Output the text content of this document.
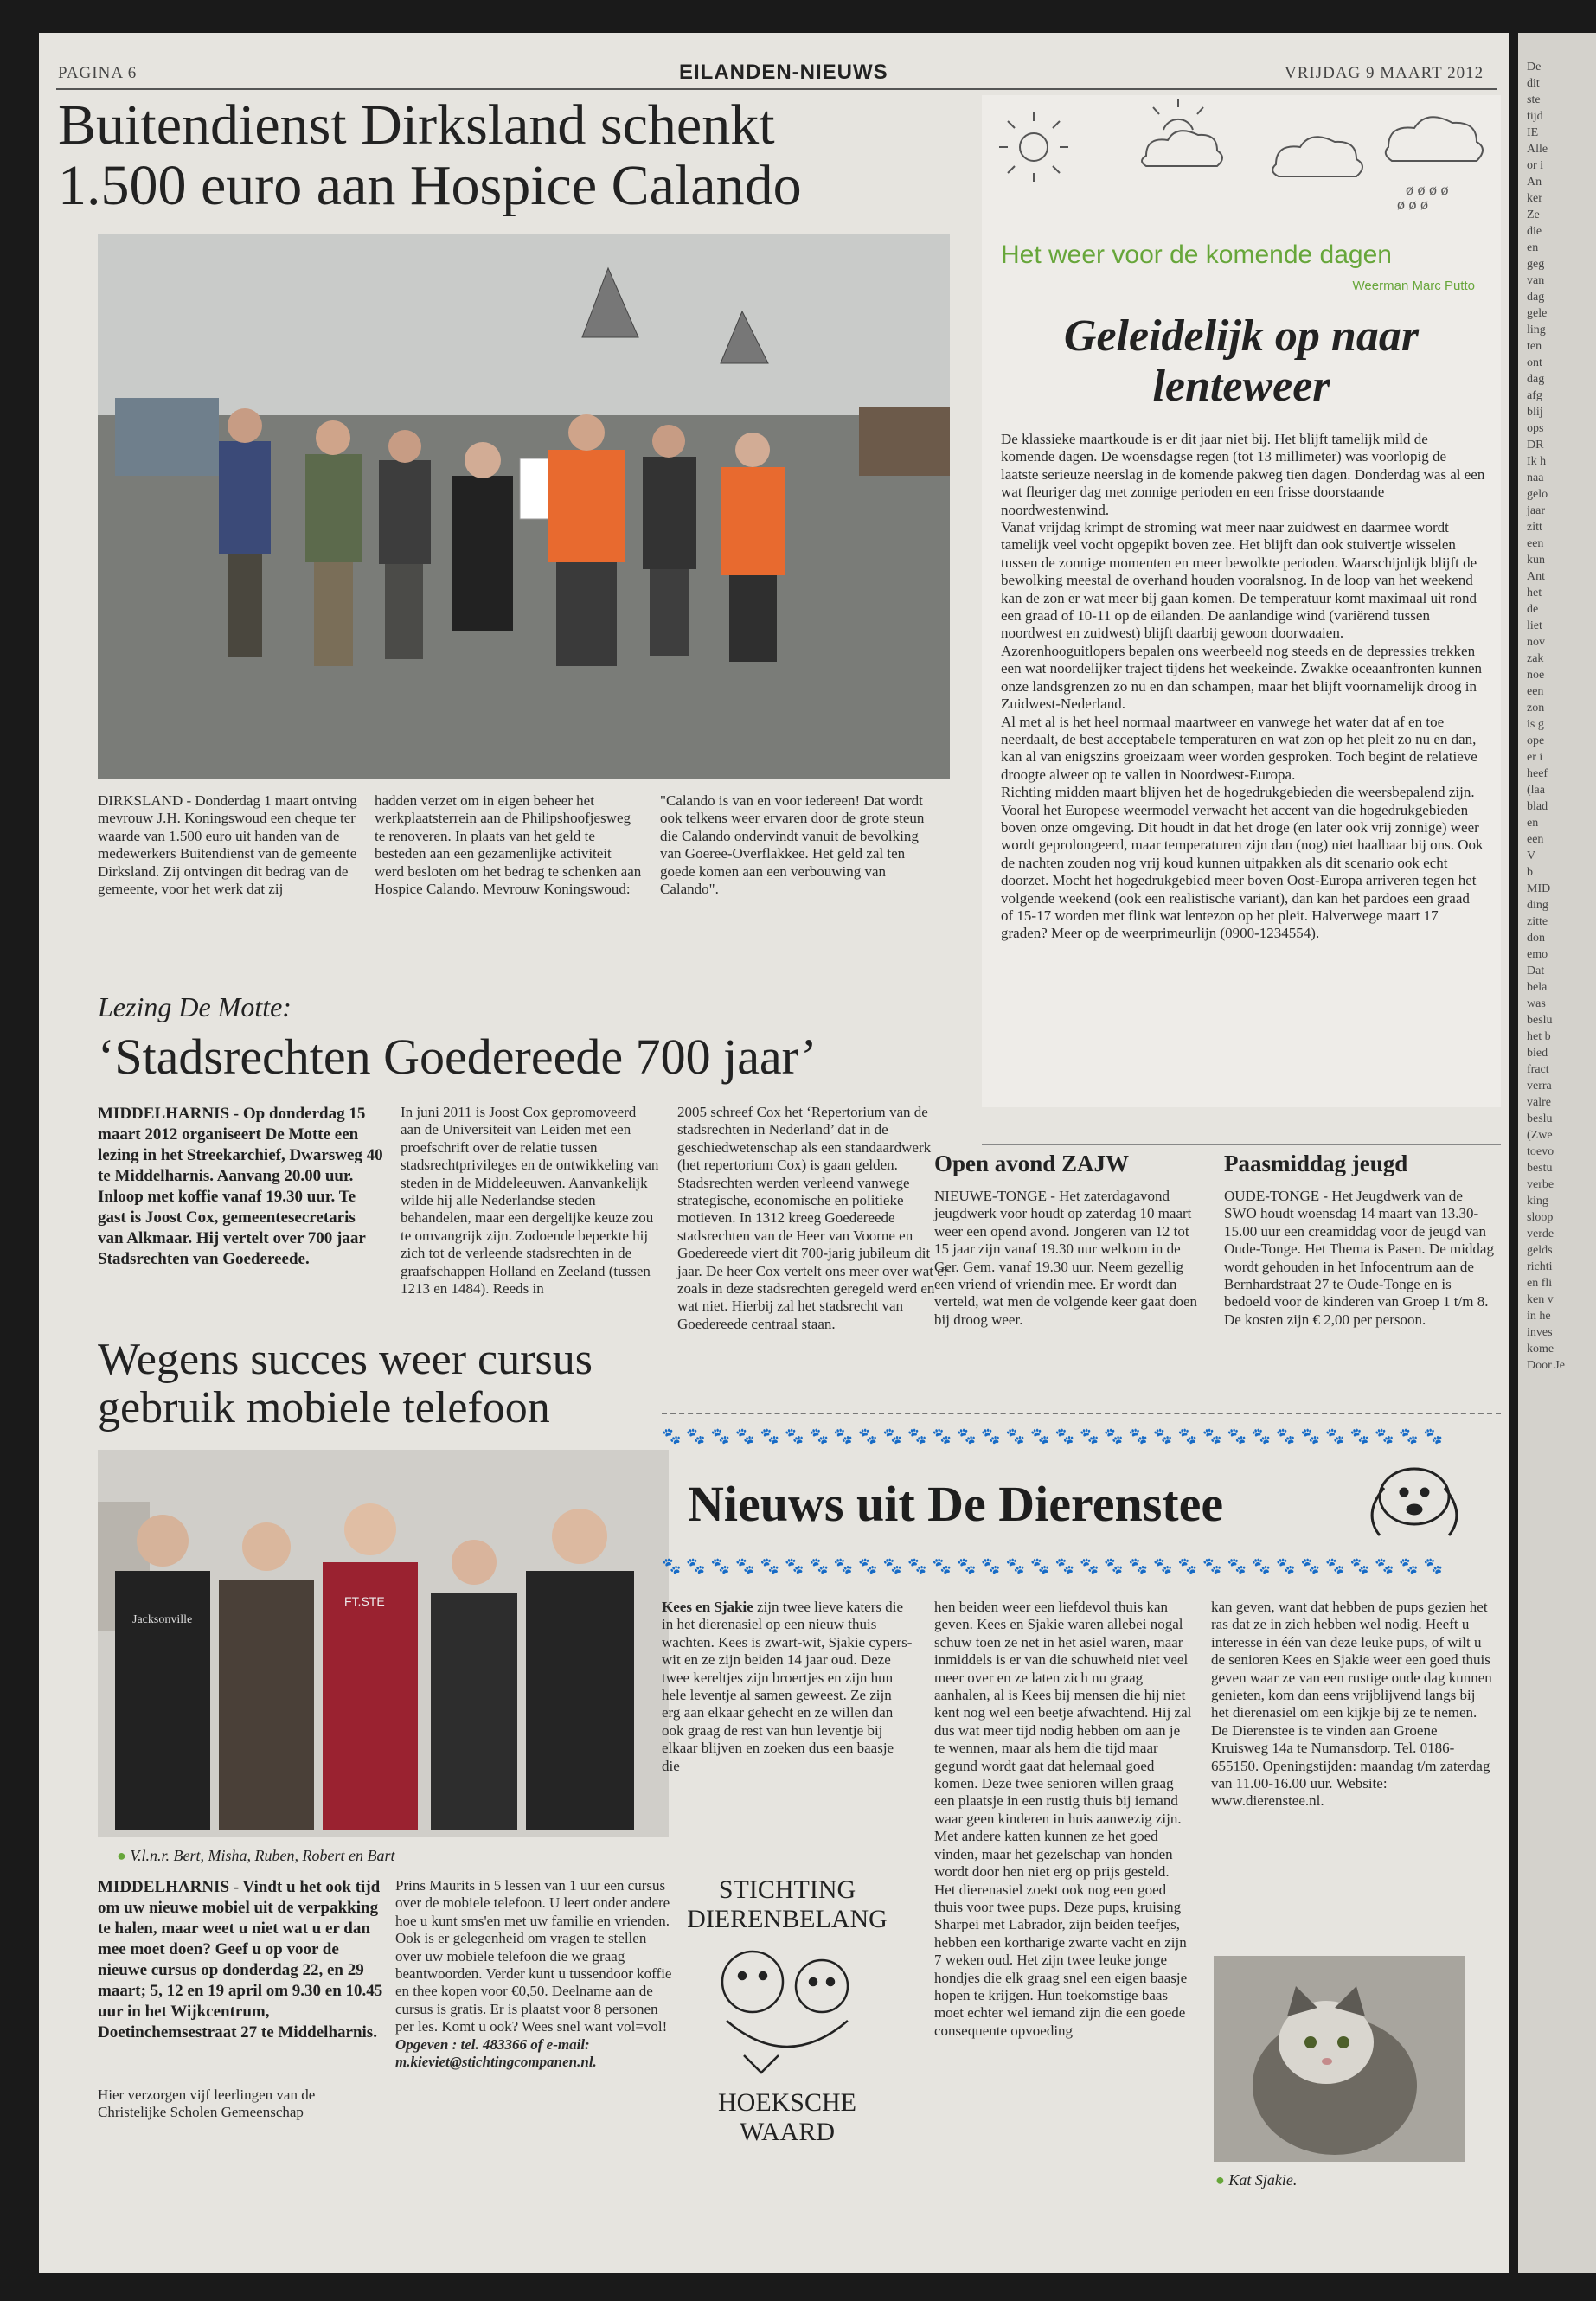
De
dit
ste
tijd
IE
Alle
or i
An
ker
Ze
die
en
geg
van
dag
gele
ling
ten
ont
dag
afg
blij
ops
DR
Ik h
naa
gelo
jaar
zitt
een
kun
Ant
het
de
liet
nov
zak
noe
een
zon
is g
ope
er i
heef
(laa
blad
en
een
V
b
MID
ding
zitte
don
emo
Dat
bela
was
beslu
het b
bied
fract
verra
valre
beslu
(Zwe
toevo
bestu
verbe
king
sloop
verde
gelds
richti
en fli
ken v
in he
inves
kome
Door Je
PAGINA 6	EILANDEN-NIEUWS	VRIJDAG 9 MAART 2012
Buitendienst Dirksland schenkt
1.500 euro aan Hospice Calando
DIRKSLAND - Donderdag 1 maart ontving mevrouw J.H. Koningswoud een cheque ter waarde van 1.500 euro uit handen van de medewerkers Buitendienst van de gemeente Dirksland. Zij ontvingen dit bedrag van de gemeente, voor het werk dat zij
hadden verzet om in eigen beheer het werkplaatsterrein aan de Philipshoofjesweg te renoveren. In plaats van het geld te besteden aan een gezamenlijke activiteit werd besloten om het bedrag te schenken aan Hospice Calando. Mevrouw Koningswoud:
"Calando is van en voor iedereen! Dat wordt ook telkens weer ervaren door de grote steun die Calando ondervindt vanuit de bevolking van Goeree-Overflakkee. Het geld zal ten goede komen aan een verbouwing van Calando".
ø ø ø ø
ø ø ø
Het weer voor de komende dagen
Weerman Marc Putto
Geleidelijk op naar
lenteweer

De klassieke maartkoude is er dit jaar niet bij. Het blijft tamelijk mild de komende dagen. De woensdagse regen (tot 13 millimeter) was voorlopig de laatste serieuze neerslag in de komende pakweg tien dagen. Donderdag was al een wat fleuriger dag met zonnige perioden en een frisse doorstaande noordwestenwind.

Vanaf vrijdag krimpt de stroming wat meer naar zuidwest en daarmee wordt tamelijk veel vocht opgepikt boven zee. Het blijft dan ook stuivertje wisselen tussen de zonnige momenten en meer bewolkte perioden. Waarschijnlijk blijft de bewolking meestal de overhand houden vooralsnog. In de loop van het weekend kan de zon er wat meer bij gaan komen. De temperatuur komt maximaal uit rond een graad of 10-11 op de eilanden. De aanlandige wind (variërend tussen noordwest en zuidwest) blijft daarbij gewoon doorwaaien.

Azorenhooguitlopers bepalen ons weerbeeld nog steeds en de depressies trekken een wat noordelijker traject tijdens het weekeinde. Zwakke oceaanfronten kunnen onze landsgrenzen zo nu en dan schampen, maar het blijft voornamelijk droog in Zuidwest-Nederland.

Al met al is het heel normaal maartweer en vanwege het water dat af en toe neerdaalt, de best acceptabele temperaturen en wat zon op het pleit zo nu en dan, kan al van enigszins groeizaam weer worden gesproken. Toch begint de relatieve droogte alweer op te vallen in Noordwest-Europa.

Richting midden maart blijven het de hogedrukgebieden die weersbepalend zijn. Vooral het Europese weermodel verwacht het accent van die hogedrukgebieden boven onze omgeving. Dit houdt in dat het droge (en later ook vrij zonnige) weer wordt geprolongeerd, maar temperaturen zijn dan (nog) niet haalbaar bij ons. Ook de nachten zouden nog vrij koud kunnen uitpakken als dit scenario ook echt doorzet. Mocht het hogedrukgebied meer boven Oost-Europa arriveren tegen het volgende weekend (ook een realistische variant), dan kan het pardoes een graad of 15-17 worden met flink wat lentezon op het pleit. Halverwege maart 17 graden? Meer op de weerprimeurlijn (0900-1234554).

Lezing De Motte:
‘Stadsrechten Goedereede 700 jaar’
MIDDELHARNIS - Op donderdag 15 maart 2012 organiseert De Motte een lezing in het Streekarchief, Dwarsweg 40 te Middelharnis. Aanvang 20.00 uur. Inloop met koffie vanaf 19.30 uur. Te gast is Joost Cox, gemeentesecretaris van Alkmaar. Hij vertelt over 700 jaar Stadsrechten van Goedereede.
In juni 2011 is Joost Cox gepromoveerd aan de Universiteit van Leiden met een proefschrift over de relatie tussen stadsrechtprivileges en de ontwikkeling van steden in de Middeleeuwen. Aanvankelijk wilde hij alle Nederlandse steden behandelen, maar een dergelijke keuze zou te omvangrijk zijn. Zodoende beperkte hij zich tot de verleende stadsrechten in de graafschappen Holland en Zeeland (tussen 1213 en 1484). Reeds in
2005 schreef Cox het ‘Repertorium van de stadsrechten in Nederland’ dat in de geschiedwetenschap als een standaardwerk (het repertorium Cox) is gaan gelden. Stadsrechten werden verleend vanwege strategische, economische en politieke motieven. In 1312 kreeg Goedereede stadsrechten van de Heer van Voorne en Goedereede viert dit 700-jarig jubileum dit jaar. De heer Cox vertelt ons meer over wat er zoals in deze stadsrechten geregeld werd en wat niet. Hierbij zal het stadsrecht van Goedereede centraal staan.
Open avond ZAJW
NIEUWE-TONGE - Het zaterdagavond jeugdwerk voor houdt op zaterdag 10 maart weer een opend avond. Jongeren van 12 tot 15 jaar zijn vanaf 19.30 uur welkom in de Ger. Gem. vanaf 19.30 uur. Neem gezellig een vriend of vriendin mee. Er wordt dan verteld, wat men de volgende keer gaat doen bij droog weer.
Paasmiddag jeugd
OUDE-TONGE - Het Jeugdwerk van de SWO houdt woensdag 14 maart van 13.30-15.00 uur een creamiddag voor de jeugd van Oude-Tonge. Het Thema is Pasen. De middag wordt gehouden in het Infocentrum aan de Bernhardstraat 27 te Oude-Tonge en is bedoeld voor de kinderen van Groep 1 t/m 8. De kosten zijn € 2,00 per persoon.
Wegens succes weer cursus
gebruik mobiele telefoon
Jacksonville
FT.STE
● V.l.n.r. Bert, Misha, Ruben, Robert en Bart
MIDDELHARNIS - Vindt u het ook tijd om uw nieuwe mobiel uit de verpakking te halen, maar weet u niet wat u er dan mee moet doen? Geef u op voor de nieuwe cursus op donderdag 22, en 29 maart; 5, 12 en 19 april om 9.30 en 10.45 uur in het Wijkcentrum, Doetinchemsestraat 27 te Middelharnis.
Hier verzorgen vijf leerlingen van de Christelijke Scholen Gemeenschap
Prins Maurits in 5 lessen van 1 uur een cursus over de mobiele telefoon. U leert onder andere hoe u kunt sms'en met uw familie en vrienden. Ook is er gelegenheid om vragen te stellen over uw mobiele telefoon die we graag beantwoorden. Verder kunt u tussendoor koffie en thee kopen voor €0,50. Deelname aan de cursus is gratis. Er is plaatst voor 8 personen per les. Komt u ook? Wees snel want vol=vol!
Opgeven : tel. 483366 of e-mail: m.kieviet@stichtingcompanen.nl.
🐾🐾🐾🐾🐾🐾🐾🐾🐾🐾🐾🐾🐾🐾🐾🐾🐾🐾🐾🐾🐾🐾🐾🐾🐾🐾🐾🐾🐾🐾🐾🐾
🐾🐾🐾🐾🐾🐾🐾🐾🐾🐾🐾🐾🐾🐾🐾🐾🐾🐾🐾🐾🐾🐾🐾🐾🐾🐾🐾🐾🐾🐾🐾🐾
Nieuws uit De Dierenstee
Kees en Sjakie zijn twee lieve katers die in het dierenasiel op een nieuw thuis wachten. Kees is zwart-wit, Sjakie cypers-wit en ze zijn beiden 14 jaar oud. Deze twee kereltjes zijn broertjes en zijn hun hele leventje al samen geweest. Ze zijn erg aan elkaar gehecht en ze willen dan ook graag de rest van hun leventje bij elkaar blijven en zoeken dus een baasje die
STICHTING
DIERENBELANG
HOEKSCHE
WAARD
hen beiden weer een liefdevol thuis kan geven. Kees en Sjakie waren allebei nogal schuw toen ze net in het asiel waren, maar inmiddels is er van die schuwheid niet veel meer over en ze laten zich nu graag aanhalen, al is Kees bij mensen die hij niet kent nog wel een beetje afwachtend. Hij zal dus wat meer tijd nodig hebben om aan je te wennen, maar als hem die tijd maar gegund wordt gaat dat helemaal goed komen. Deze twee senioren willen graag een plaatsje in een rustig thuis bij iemand waar geen kinderen in huis aanwezig zijn. Met andere katten kunnen ze het goed vinden, maar het gezelschap van honden wordt door hen niet erg op prijs gesteld.
Het dierenasiel zoekt ook nog een goed thuis voor twee pups. Deze pups, kruising Sharpei met Labrador, zijn beiden teefjes, hebben een kortharige zwarte vacht en zijn 7 weken oud. Het zijn twee leuke jonge hondjes die elk graag snel een eigen baasje hopen te krijgen. Hun toekomstige baas moet echter wel iemand zijn die een goede consequente opvoeding
kan geven, want dat hebben de pups gezien het ras dat ze in zich hebben wel nodig. Heeft u interesse in één van deze leuke pups, of wilt u de senioren Kees en Sjakie weer een goed thuis geven waar ze van een rustige oude dag kunnen genieten, kom dan eens vrijblijvend langs bij het dierenasiel om een kijkje bij ze te nemen.
De Dierenstee is te vinden aan Groene Kruisweg 14a te Numansdorp. Tel. 0186-655150. Openingstijden: maandag t/m zaterdag van 11.00-16.00 uur. Website: www.dierenstee.nl.
● Kat Sjakie.
